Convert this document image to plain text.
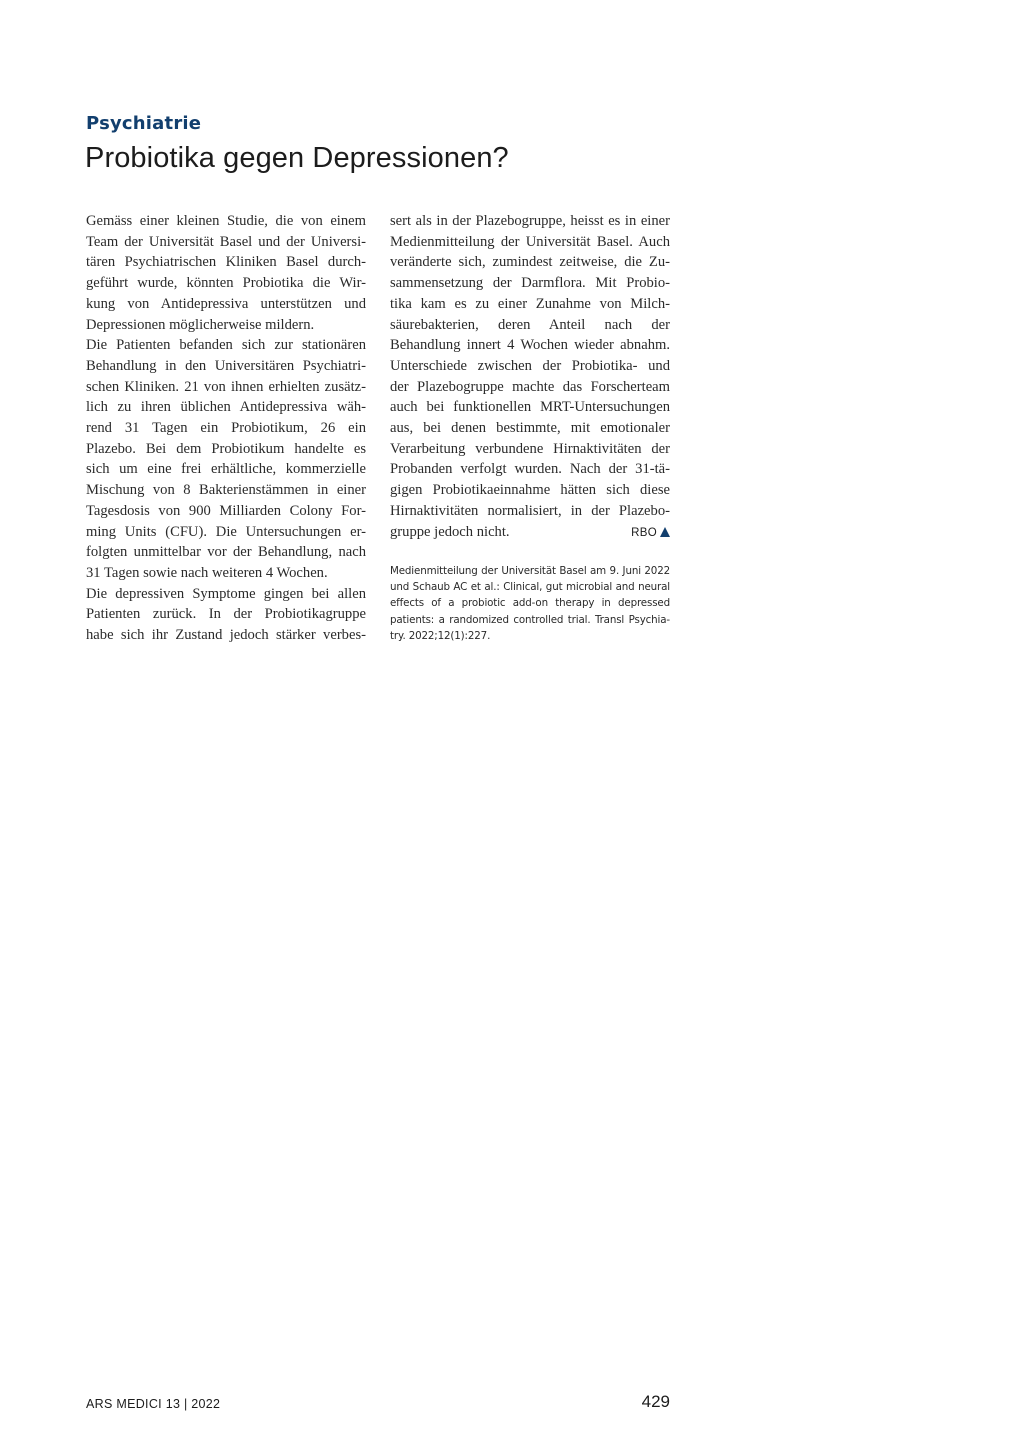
Psychiatrie
Probiotika gegen Depressionen?

Gemäss einer kleinen Studie, die von einem
Team der Universität Basel und der Universi-
tären Psychiatrischen Kliniken Basel durch-
geführt wurde, könnten Probiotika die Wir-
kung von Antidepressiva unterstützen und
Depressionen möglicherweise mildern.

Die Patienten befanden sich zur stationären
Behandlung in den Universitären Psychiatri-
schen Kliniken. 21 von ihnen erhielten zusätz-
lich zu ihren üblichen Antidepressiva wäh-
rend 31 Tagen ein Probiotikum, 26 ein
Plazebo. Bei dem Probiotikum handelte es
sich um eine frei erhältliche, kommerzielle
Mischung von 8 Bakterienstämmen in einer
Tagesdosis von 900 Milliarden Colony For-
ming Units (CFU). Die Untersuchungen er-
folgten unmittelbar vor der Behandlung, nach
31 Tagen sowie nach weiteren 4 Wochen.

Die depressiven Symptome gingen bei allen
Patienten zurück. In der Probiotikagruppe
habe sich ihr Zustand jedoch stärker verbes-

sert als in der Plazebogruppe, heisst es in einer
Medienmitteilung der Universität Basel. Auch
veränderte sich, zumindest zeitweise, die Zu-
sammensetzung der Darmflora. Mit Probio-
tika kam es zu einer Zunahme von Milch-
säurebakterien, deren Anteil nach der
Behandlung innert 4 Wochen wieder abnahm.
Unterschiede zwischen der Probiotika- und
der Plazebogruppe machte das Forscherteam
auch bei funktionellen MRT-Untersuchungen
aus, bei denen bestimmte, mit emotionaler
Verarbeitung verbundene Hirnaktivitäten der
Probanden verfolgt wurden. Nach der 31-tä-
gigen Probiotikaeinnahme hätten sich diese
Hirnaktivitäten normalisiert, in der Plazebo-
gruppe jedoch nicht.	RBO

Medienmitteilung der Universität Basel am 9. Juni 2022
und Schaub AC et al.: Clinical, gut microbial and neural
effects of a probiotic add-on therapy in depressed
patients: a randomized controlled trial. Transl Psychia-
try. 2022;12(1):227.
ARS MEDICI 13 | 2022	429
